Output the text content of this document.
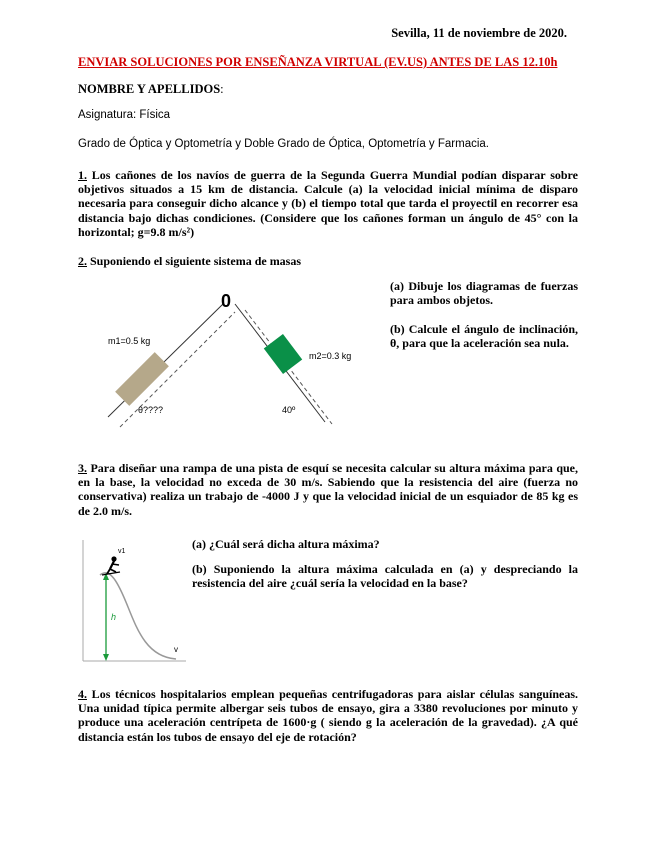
Sevilla, 11 de noviembre de 2020.
ENVIAR SOLUCIONES POR ENSEÑANZA VIRTUAL (EV.US) ANTES DE LAS 12.10h
NOMBRE Y APELLIDOS:
Asignatura: Física
Grado de Óptica y Optometría y Doble Grado de Óptica, Optometría y Farmacia.
1. Los cañones de los navíos de guerra de la Segunda Guerra Mundial podían disparar sobre objetivos situados a 15 km de distancia. Calcule (a) la velocidad inicial mínima de disparo necesaria para conseguir dicho alcance y (b) el tiempo total que tarda el proyectil en recorrer esa distancia bajo dichas condiciones. (Considere que los cañones forman un ángulo de 45° con la horizontal; g=9.8 m/s²)
2. Suponiendo el siguiente sistema de masas
0
m1=0.5 kg
m2=0.3 kg
θ????	40º
(a) Dibuje los diagramas de fuerzas para ambos objetos.
(b) Calcule el ángulo de inclinación, θ, para que la aceleración sea nula.
3. Para diseñar una rampa de una pista de esquí se necesita calcular su altura máxima para que, en la base, la velocidad no exceda de 30 m/s. Sabiendo que la resistencia del aire (fuerza no conservativa) realiza un trabajo de -4000 J y que la velocidad inicial de un esquiador de 85 kg es de 2.0 m/s.
v1
h
v
(a) ¿Cuál será dicha altura máxima?
(b) Suponiendo la altura máxima calculada en (a) y despreciando la resistencia del aire ¿cuál sería la velocidad en la base?
4. Los técnicos hospitalarios emplean pequeñas centrifugadoras para aislar células sanguíneas. Una unidad típica permite albergar seis tubos de ensayo, gira a 3380 revoluciones por minuto y produce una aceleración centrípeta de 1600·g ( siendo g la aceleración de la gravedad). ¿A qué distancia están los tubos de ensayo del eje de rotación?
